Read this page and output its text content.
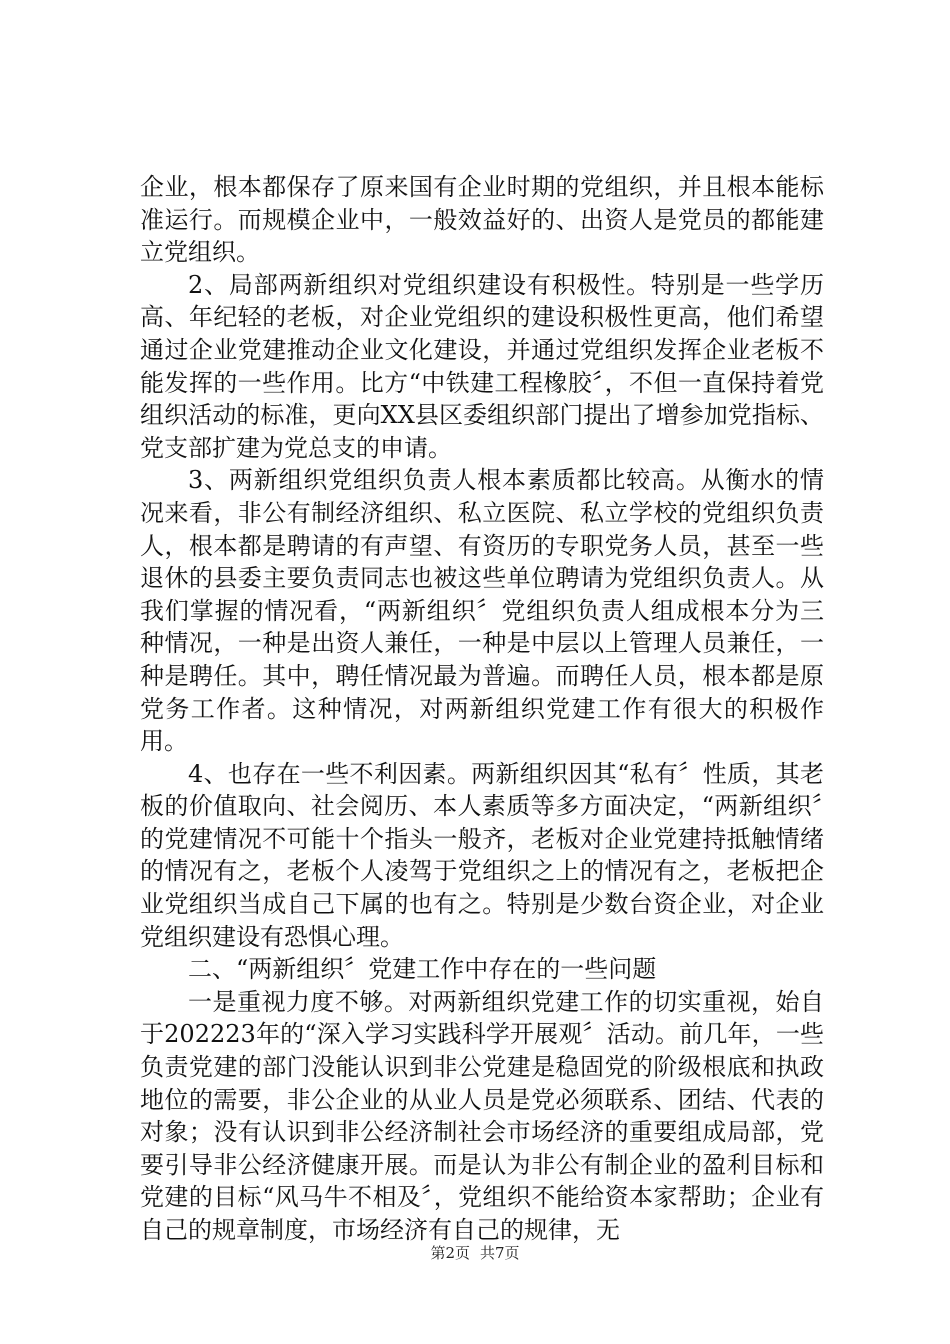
企业，根本都保存了原来国有企业时期的党组织，并且根本能标准运行。而规模企业中，一般效益好的、出资人是党员的都能建立党组织。

2、局部两新组织对党组织建设有积极性。特别是一些学历高、年纪轻的老板，对企业党组织的建设积极性更高，他们希望通过企业党建推动企业文化建设，并通过党组织发挥企业老板不能发挥的一些作用。比方“中铁建工程橡胶〞，不但一直保持着党组织活动的标准，更向XX县区委组织部门提出了增参加党指标、党支部扩建为党总支的申请。

3、两新组织党组织负责人根本素质都比较高。从衡水的情况来看，非公有制经济组织、私立医院、私立学校的党组织负责人，根本都是聘请的有声望、有资历的专职党务人员，甚至一些退休的县委主要负责同志也被这些单位聘请为党组织负责人。从我们掌握的情况看，“两新组织〞党组织负责人组成根本分为三种情况，一种是出资人兼任，一种是中层以上管理人员兼任，一种是聘任。其中，聘任情况最为普遍。而聘任人员，根本都是原党务工作者。这种情况，对两新组织党建工作有很大的积极作用。

4、也存在一些不利因素。两新组织因其“私有〞性质，其老板的价值取向、社会阅历、本人素质等多方面决定，“两新组织〞的党建情况不可能十个指头一般齐，老板对企业党建持抵触情绪的情况有之，老板个人凌驾于党组织之上的情况有之，老板把企业党组织当成自己下属的也有之。特别是少数台资企业，对企业党组织建设有恐惧心理。

二、“两新组织〞党建工作中存在的一些问题

一是重视力度不够。对两新组织党建工作的切实重视，始自于202223年的“深入学习实践科学开展观〞活动。前几年，一些负责党建的部门没能认识到非公党建是稳固党的阶级根底和执政地位的需要，非公企业的从业人员是党必须联系、团结、代表的对象；没有认识到非公经济制社会市场经济的重要组成局部，党要引导非公经济健康开展。而是认为非公有制企业的盈利目标和党建的目标“风马牛不相及〞，党组织不能给资本家帮助；企业有自己的规章制度，市场经济有自己的规律，无

第2页 共7页
